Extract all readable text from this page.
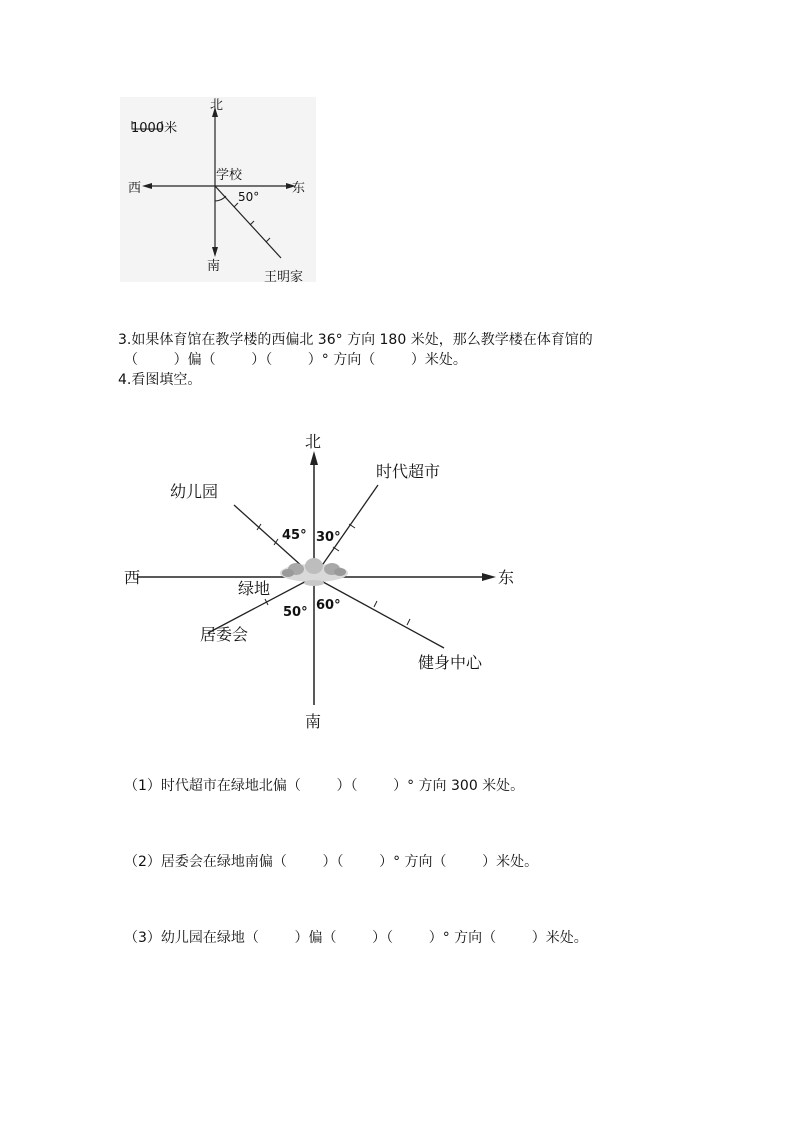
1000米
北
南
东
西
学校
50°
王明家
3.如果体育馆在教学楼的西偏北 36° 方向 180 米处，那么教学楼在体育馆的
（        ）偏（        ）（        ）° 方向（        ）米处。
4.看图填空。
北
南
东
西
绿地
时代超市
幼儿园
居委会
健身中心
30°
45°
50° 60°
（1）时代超市在绿地北偏（        ）（        ）° 方向 300 米处。
（2）居委会在绿地南偏（        ）（        ）° 方向（        ）米处。
（3）幼儿园在绿地（        ）偏（        ）（        ）° 方向（        ）米处。
